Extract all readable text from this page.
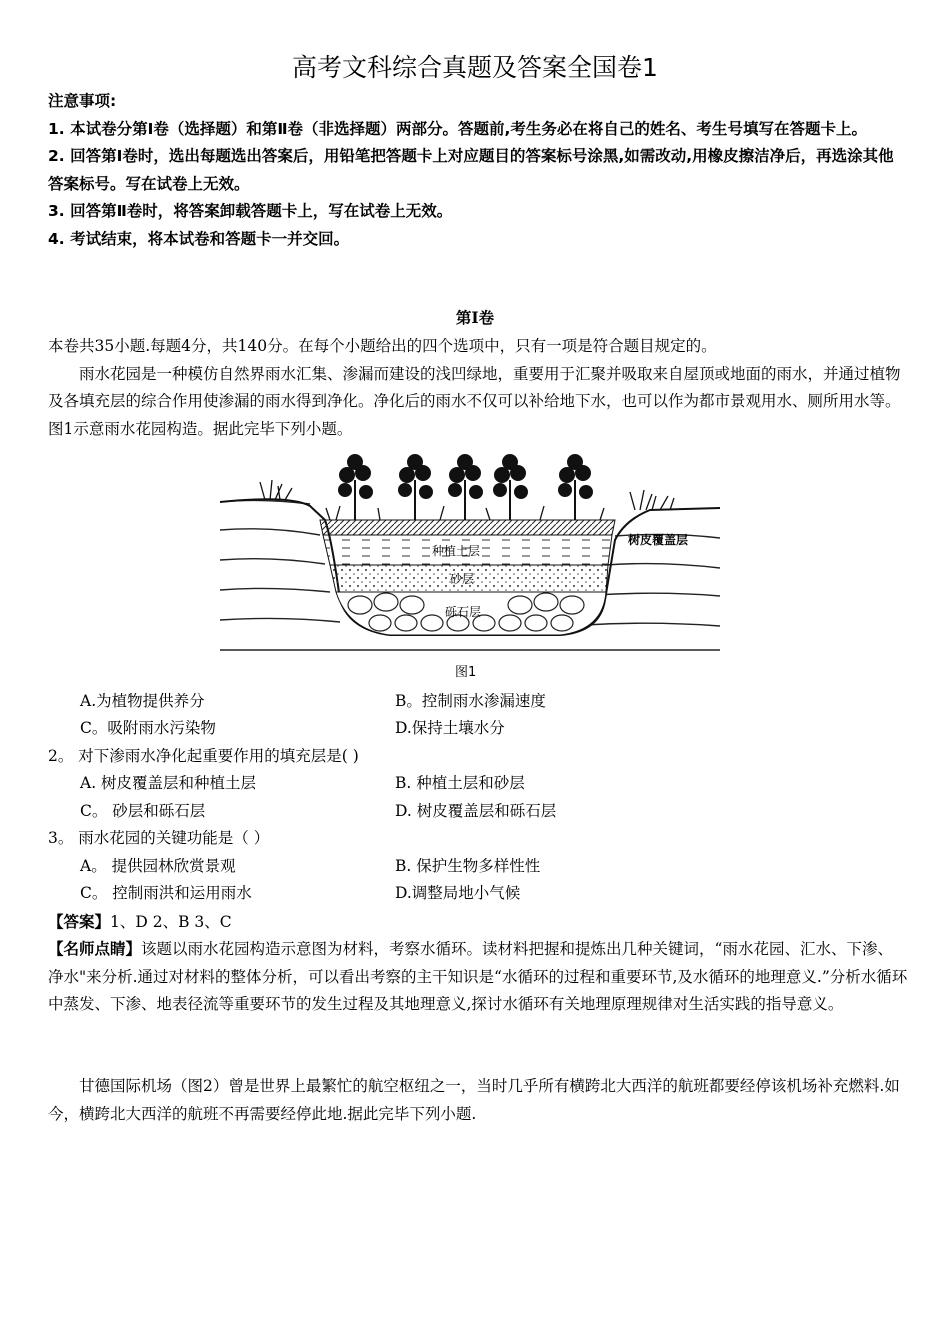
高考文科综合真题及答案全国卷1

注意事项:

1. 本试卷分第Ⅰ卷（选择题）和第Ⅱ卷（非选择题）两部分。答题前,考生务必在将自己的姓名、考生号填写在答题卡上。

2. 回答第Ⅰ卷时，选出每题选出答案后，用铅笔把答题卡上对应题目的答案标号涂黑,如需改动,用橡皮擦洁净后，再选涂其他答案标号。写在试卷上无效。

3. 回答第Ⅱ卷时，将答案卸载答题卡上，写在试卷上无效。

4. 考试结束，将本试卷和答题卡一并交回。

第Ⅰ卷

本卷共35小题.每题4分，共140分。在每个小题给出的四个选项中，只有一项是符合题目规定的。

雨水花园是一种模仿自然界雨水汇集、渗漏而建设的浅凹绿地，重要用于汇聚并吸取来自屋顶或地面的雨水，并通过植物及各填充层的综合作用使渗漏的雨水得到净化。净化后的雨水不仅可以补给地下水，也可以作为都市景观用水、厕所用水等。图1示意雨水花园构造。据此完毕下列小题。

种植土层
砂层
砾石层
树皮覆盖层
图1
A.为植物提供养分	B。控制雨水渗漏速度
C。吸附雨水污染物	D.保持土壤水分
2。 对下渗雨水净化起重要作用的填充层是( )
A. 树皮覆盖层和种植土层	B. 种植土层和砂层
C。 砂层和砾石层	D. 树皮覆盖层和砾石层
3。 雨水花园的关键功能是（ ）
A。 提供园林欣赏景观	B. 保护生物多样性性
C。 控制雨洪和运用雨水	D.调整局地小气候
【答案】1、D 2、B 3、C

【名师点睛】该题以雨水花园构造示意图为材料，考察水循环。读材料把握和提炼出几种关键词，“雨水花园、汇水、下渗、净水"来分析.通过对材料的整体分析，可以看出考察的主干知识是“水循环的过程和重要环节,及水循环的地理意义.”分析水循环中蒸发、下渗、地表径流等重要环节的发生过程及其地理意义,探讨水循环有关地理原理规律对生活实践的指导意义。

甘德国际机场（图2）曾是世界上最繁忙的航空枢纽之一，当时几乎所有横跨北大西洋的航班都要经停该机场补充燃料.如今，横跨北大西洋的航班不再需要经停此地.据此完毕下列小题.
